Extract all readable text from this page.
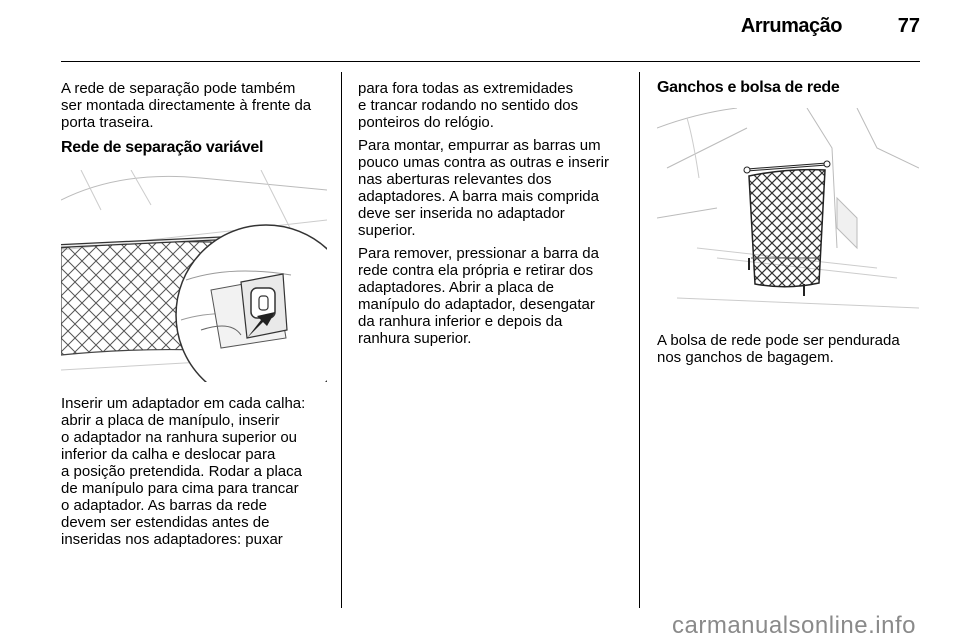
Arrumação	77

A rede de separação pode também
ser montada directamente à frente da
porta traseira.

Rede de separação variável

Inserir um adaptador em cada calha:
abrir a placa de manípulo, inserir
o adaptador na ranhura superior ou
inferior da calha e deslocar para
a posição pretendida. Rodar a placa
de manípulo para cima para trancar
o adaptador. As barras da rede
devem ser estendidas antes de
inseridas nos adaptadores: puxar

para fora todas as extremidades
e trancar rodando no sentido dos
ponteiros do relógio.

Para montar, empurrar as barras um
pouco umas contra as outras e inserir
nas aberturas relevantes dos
adaptadores. A barra mais comprida
deve ser inserida no adaptador
superior.

Para remover, pressionar a barra da
rede contra ela própria e retirar dos
adaptadores. Abrir a placa de
manípulo do adaptador, desengatar
da ranhura inferior e depois da
ranhura superior.

Ganchos e bolsa de rede

A bolsa de rede pode ser pendurada
nos ganchos de bagagem.

carmanualsonline.info
